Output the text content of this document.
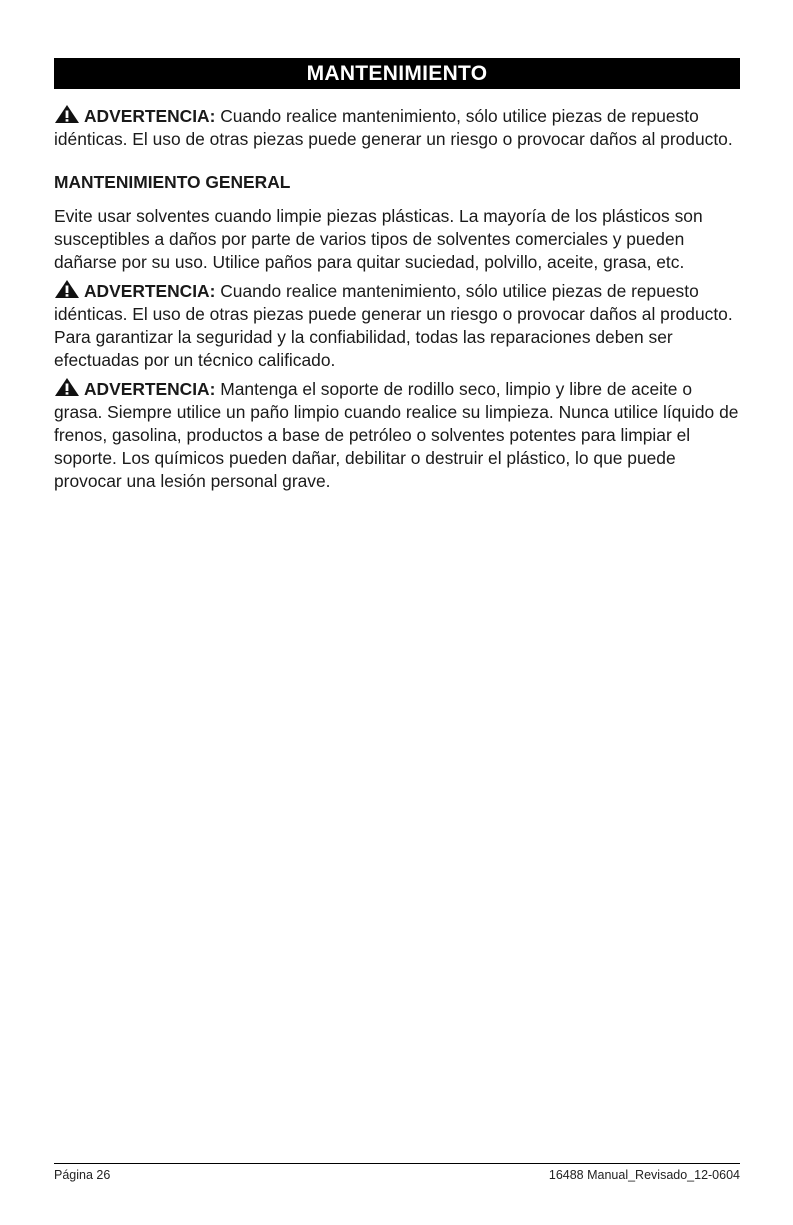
MANTENIMIENTO

ADVERTENCIA: Cuando realice mantenimiento, sólo utilice piezas de repuesto idénticas. El uso de otras piezas puede generar un riesgo o provocar daños al producto.

MANTENIMIENTO GENERAL

Evite usar solventes cuando limpie piezas plásticas. La mayoría de los plásticos son susceptibles a daños por parte de varios tipos de solventes comerciales y pueden dañarse por su uso. Utilice paños para quitar suciedad, polvillo, aceite, grasa, etc.

ADVERTENCIA: Cuando realice mantenimiento, sólo utilice piezas de repuesto idénticas. El uso de otras piezas puede generar un riesgo o provocar daños al producto. Para garantizar la seguridad y la confiabilidad, todas las reparaciones deben ser efectuadas por un técnico calificado.

ADVERTENCIA: Mantenga el soporte de rodillo seco, limpio y libre de aceite o grasa. Siempre utilice un paño limpio cuando realice su limpieza. Nunca utilice líquido de frenos, gasolina, productos a base de petróleo o solventes potentes para limpiar el soporte. Los químicos pueden dañar, debilitar o destruir el plástico, lo que puede provocar una lesión personal grave.

Página 26	16488 Manual_Revisado_12-0604
